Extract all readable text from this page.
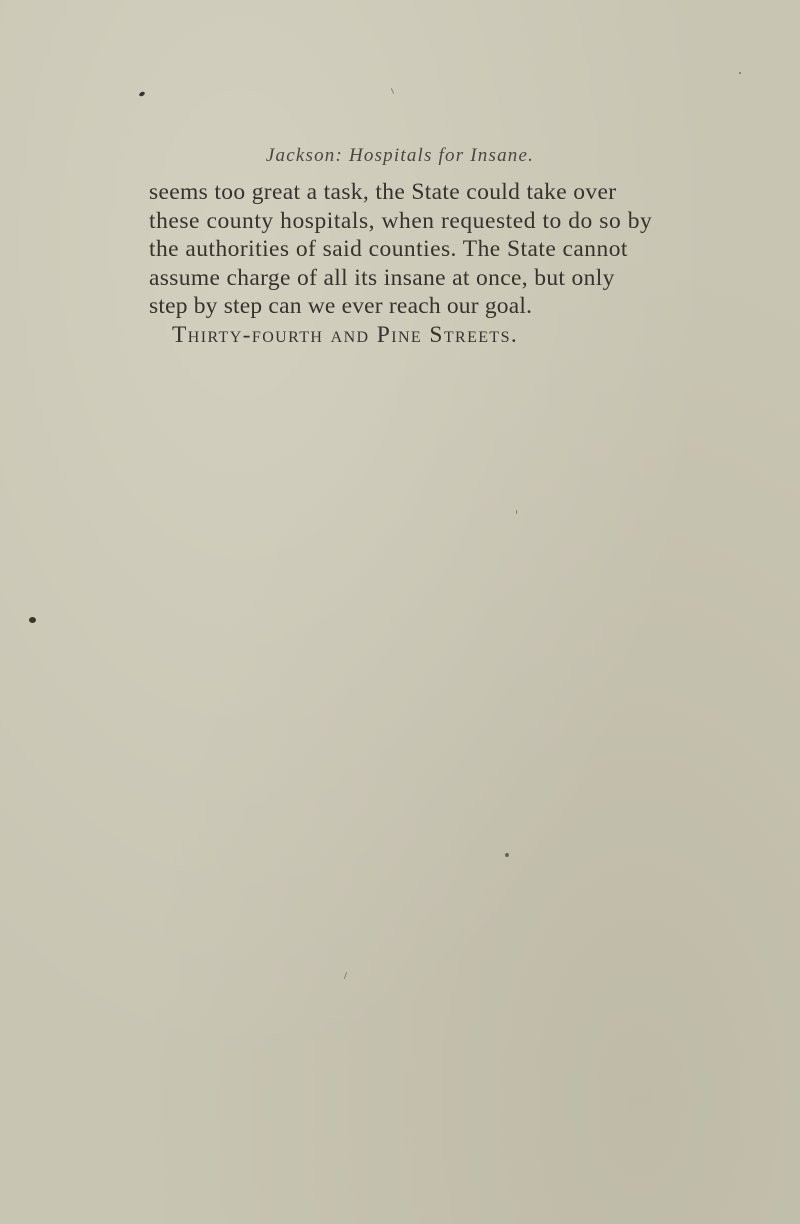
Jackson: Hospitals for Insane.
seems too great a task, the State could take over
these county hospitals, when requested to do so by
the authorities of said counties. The State cannot
assume charge of all its insane at once, but only
step by step can we ever reach our goal.
Thirty-fourth and Pine Streets.
